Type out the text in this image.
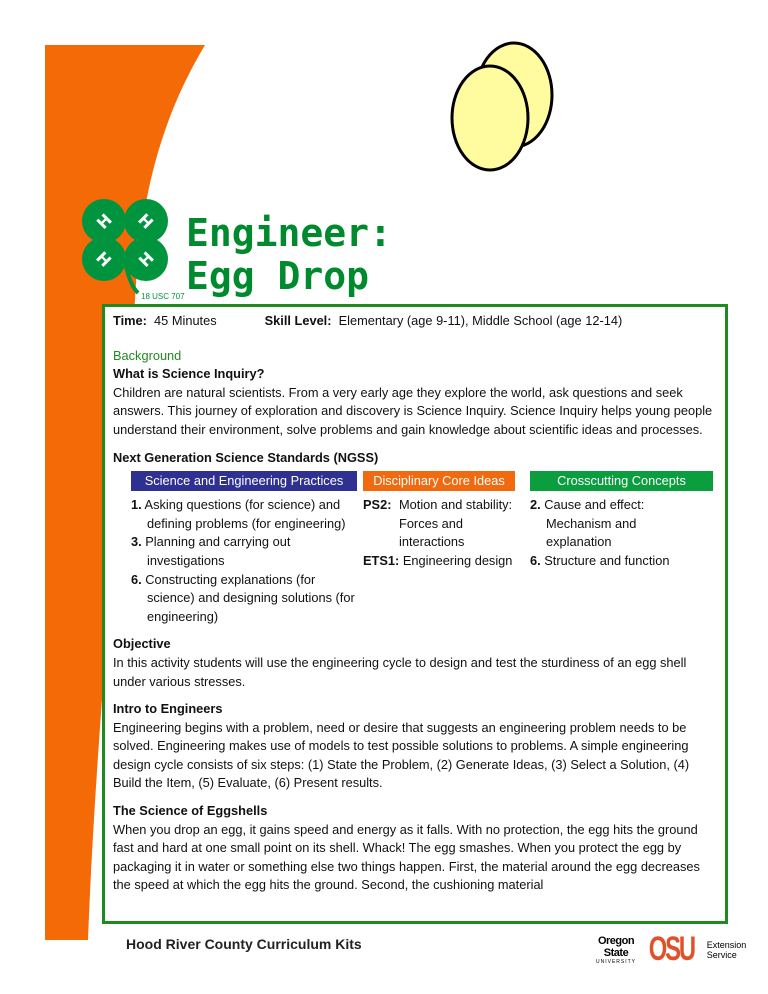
H H
H H
18 USC 707
Engineer:
Egg Drop
Time: 45 Minutes	Skill Level: Elementary (age 9-11), Middle School (age 12-14)
Background
What is Science Inquiry?
Children are natural scientists. From a very early age they explore the world, ask questions and seek answers. This journey of exploration and discovery is Science Inquiry. Science Inquiry helps young people understand their environment, solve problems and gain knowledge about scientific ideas and processes.
Next Generation Science Standards (NGSS)
Science and Engineering Practices
1. Asking questions (for science) and defining problems (for engineering)
3. Planning and carrying out investigations
6. Constructing explanations (for science) and designing solutions (for engineering)
Disciplinary Core Ideas
PS2: Motion and stability: Forces and interactions
ETS1: Engineering design
Crosscutting Concepts
2. Cause and effect: Mechanism and explanation
6. Structure and function
Objective
In this activity students will use the engineering cycle to design and test the sturdiness of an egg shell under various stresses.
Intro to Engineers
Engineering begins with a problem, need or desire that suggests an engineering problem needs to be solved. Engineering makes use of models to test possible solutions to problems. A simple engineering design cycle consists of six steps: (1) State the Problem, (2) Generate Ideas, (3) Select a Solution, (4) Build the Item, (5) Evaluate, (6) Present results.
The Science of Eggshells
When you drop an egg, it gains speed and energy as it falls. With no protection, the egg hits the ground fast and hard at one small point on its shell. Whack! The egg smashes. When you protect the egg by packaging it in water or something else two things happen. First, the material around the egg decreases the speed at which the egg hits the ground. Second, the cushioning material
Hood River County Curriculum Kits	Oregon State
UNIVERSITY OSU Extension
Service
